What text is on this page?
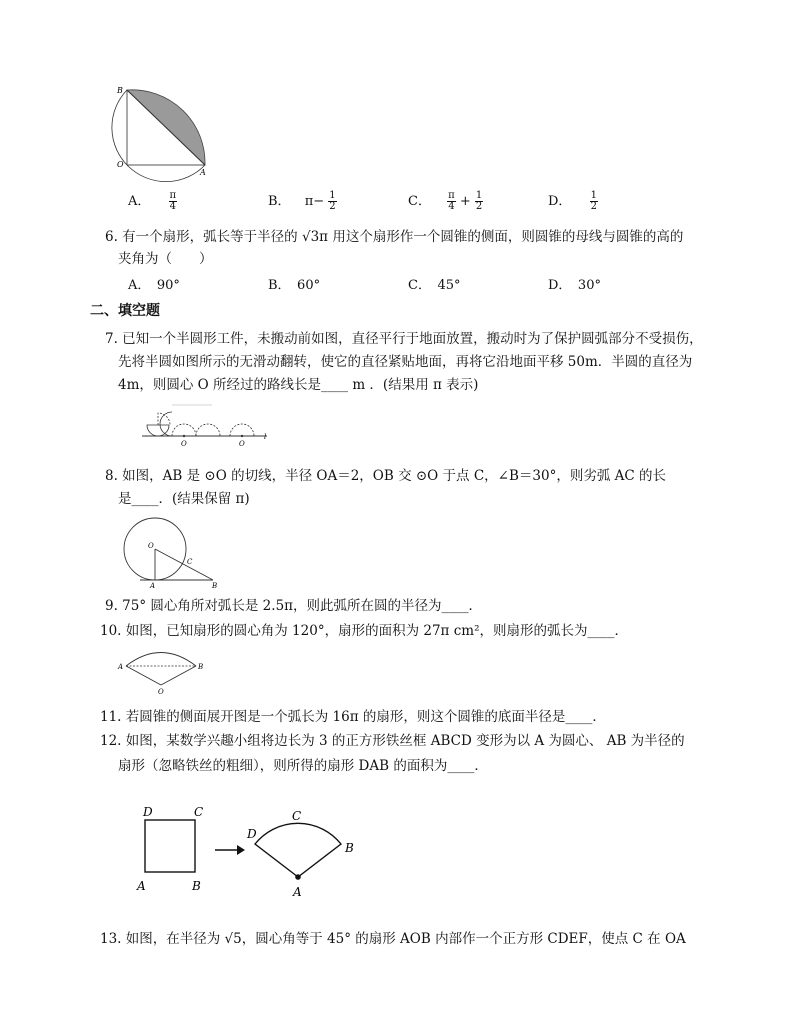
B
O
A
A． $\frac{\pi}{4}$	B． $\pi- \frac{1}{2}$	C． $\frac{\pi}{4} + \frac{1}{2}$	D． $\frac{1}{2}$
6. 有一个扇形，弧长等于半径的 √3π 用这个扇形作一个圆锥的侧面，则圆锥的母线与圆锥的高的
夹角为（　　）
A．　90°	B．　60°	C．　45°	D．　30°
二、填空题
7. 已知一个半圆形工件，未搬动前如图，直径平行于地面放置，搬动时为了保护圆弧部分不受损伤，
先将半圆如图所示的无滑动翻转，使它的直径紧贴地面，再将它沿地面平移 50m．半圆的直径为
4m，则圆心 O 所经过的路线长是____ m ．(结果用 π 表示)
O	O
l
8. 如图，AB 是 ⊙O 的切线，半径 OA＝2，OB 交 ⊙O 于点 C，∠B＝30°，则劣弧 AC 的长
是____．(结果保留 π)
O
C
A	B
9. 75° 圆心角所对弧长是 2.5π，则此弧所在圆的半径为____．
10. 如图，已知扇形的圆心角为 120°，扇形的面积为 27π cm²，则扇形的弧长为____．
A	B
O
11. 若圆锥的侧面展开图是一个弧长为 16π 的扇形，则这个圆锥的底面半径是____．
12. 如图，某数学兴趣小组将边长为 3 的正方形铁丝框 ABCD 变形为以 A 为圆心、 AB 为半径的
扇形（忽略铁丝的粗细），则所得的扇形 DAB 的面积为____．
D	C
A	B
D
C
B
A
13. 如图，在半径为 √5，圆心角等于 45° 的扇形 AOB 内部作一个正方形 CDEF，使点 C 在 OA
